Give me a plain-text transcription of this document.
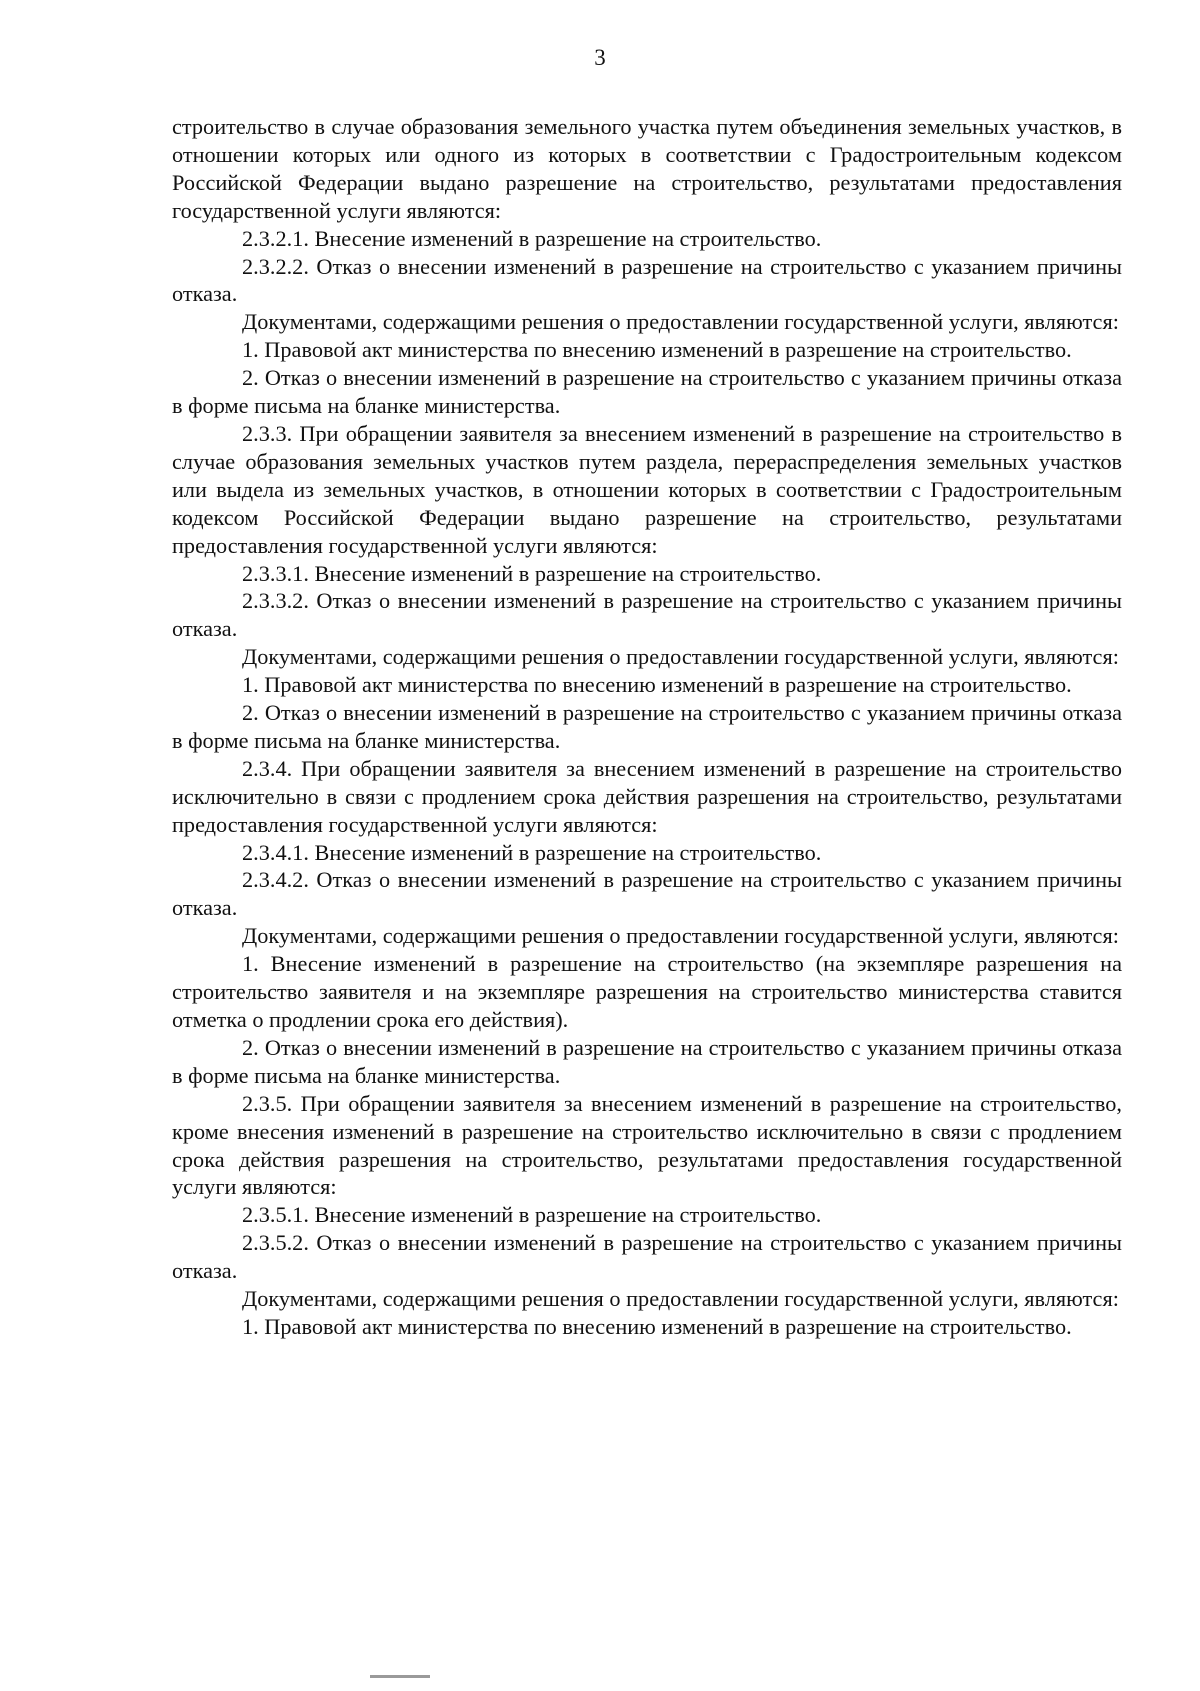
3

строительство в случае образования земельного участка путем объединения земельных участков, в отношении которых или одного из которых в соответствии с Градостроительным кодексом Российской Федерации выдано разрешение на строительство, результатами предоставления государственной услуги являются:

2.3.2.1. Внесение изменений в разрешение на строительство.

2.3.2.2. Отказ о внесении изменений в разрешение на строительство с указанием причины отказа.

Документами, содержащими решения о предоставлении государственной услуги, являются:

1. Правовой акт министерства по внесению изменений в разрешение на строительство.

2. Отказ о внесении изменений в разрешение на строительство с указанием причины отказа в форме письма на бланке министерства.

2.3.3. При обращении заявителя за внесением изменений в разрешение на строительство в случае образования земельных участков путем раздела, перераспределения земельных участков или выдела из земельных участков, в отношении которых в соответствии с Градостроительным кодексом Российской Федерации выдано разрешение на строительство, результатами предоставления государственной услуги являются:

2.3.3.1. Внесение изменений в разрешение на строительство.

2.3.3.2. Отказ о внесении изменений в разрешение на строительство с указанием причины отказа.

Документами, содержащими решения о предоставлении государственной услуги, являются:

1. Правовой акт министерства по внесению изменений в разрешение на строительство.

2. Отказ о внесении изменений в разрешение на строительство с указанием причины отказа в форме письма на бланке министерства.

2.3.4. При обращении заявителя за внесением изменений в разрешение на строительство исключительно в связи с продлением срока действия разрешения на строительство, результатами предоставления государственной услуги являются:

2.3.4.1. Внесение изменений в разрешение на строительство.

2.3.4.2. Отказ о внесении изменений в разрешение на строительство с указанием причины отказа.

Документами, содержащими решения о предоставлении государственной услуги, являются:

1. Внесение изменений в разрешение на строительство (на экземпляре разрешения на строительство заявителя и на экземпляре разрешения на строительство министерства ставится отметка о продлении срока его действия).

2. Отказ о внесении изменений в разрешение на строительство с указанием причины отказа в форме письма на бланке министерства.

2.3.5. При обращении заявителя за внесением изменений в разрешение на строительство, кроме внесения изменений в разрешение на строительство исключительно в связи с продлением срока действия разрешения на строительство, результатами предоставления государственной услуги являются:

2.3.5.1. Внесение изменений в разрешение на строительство.

2.3.5.2. Отказ о внесении изменений в разрешение на строительство с указанием причины отказа.

Документами, содержащими решения о предоставлении государственной услуги, являются:

1. Правовой акт министерства по внесению изменений в разрешение на строительство.
